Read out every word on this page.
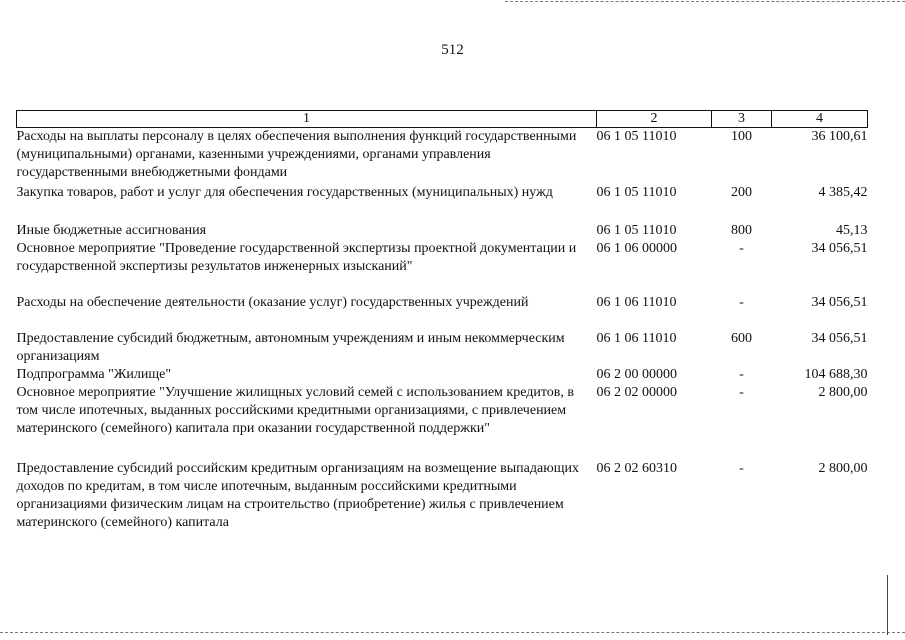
512
1	2	3	4
Расходы на выплаты персоналу в целях обеспечения выполнения функций государственными (муниципальными) органами, казенными учреждениями, органами управления государственными внебюджетными фондами	06 1 05 11010	100	36 100,61
Закупка товаров, работ и услуг для обеспечения государственных (муниципальных) нужд	06 1 05 11010	200	4 385,42
Иные бюджетные ассигнования	06 1 05 11010	800	45,13
Основное мероприятие "Проведение государственной экспертизы проектной документации и государственной экспертизы результатов инженерных изысканий"	06 1 06 00000	-	34 056,51
Расходы на обеспечение деятельности (оказание услуг) государственных учреждений	06 1 06 11010	-	34 056,51
Предоставление субсидий бюджетным, автономным учреждениям и иным некоммерческим организациям	06 1 06 11010	600	34 056,51
Подпрограмма "Жилище"	06 2 00 00000	-	104 688,30
Основное мероприятие "Улучшение жилищных условий семей с использованием кредитов, в том числе ипотечных, выданных российскими кредитными организациями, с привлечением материнского (семейного) капитала при оказании государственной поддержки"	06 2 02 00000	-	2 800,00
Предоставление субсидий российским кредитным организациям на возмещение выпадающих доходов по кредитам, в том числе ипотечным, выданным российскими кредитными организациями физическим лицам на строительство (приобретение) жилья с привлечением материнского (семейного) капитала	06 2 02 60310	-	2 800,00
